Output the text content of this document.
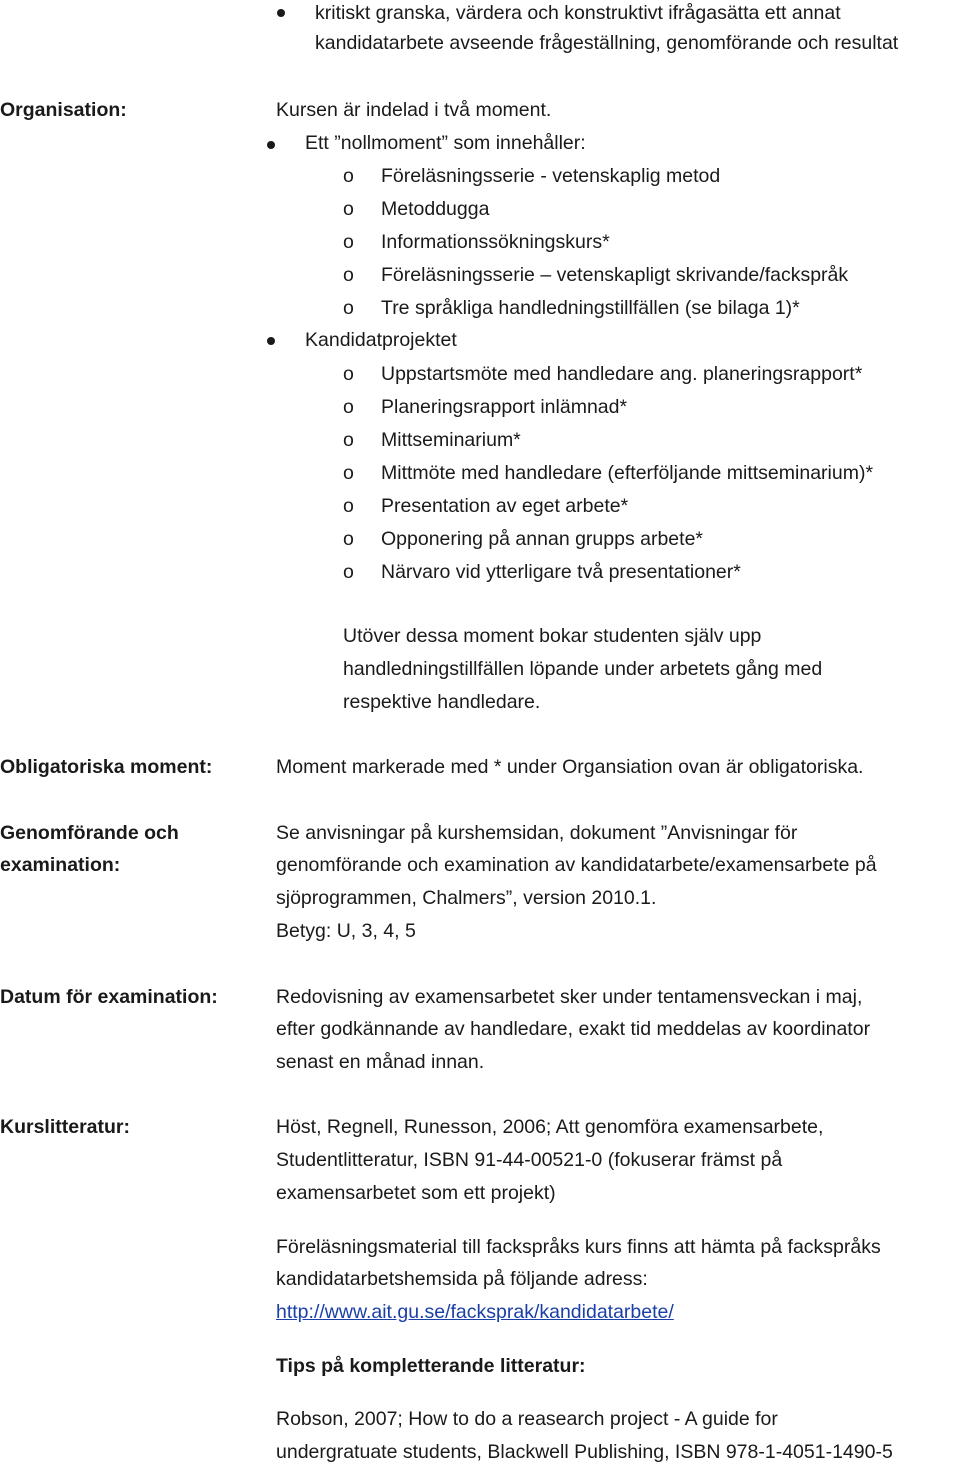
kritiskt granska, värdera och konstruktivt ifrågasätta ett annat
kandidatarbete avseende frågeställning, genomförande och resultat
Organisation:	Kursen är indelad i två moment.
Ett ”nollmoment” som innehåller:
o Föreläsningsserie - vetenskaplig metod
o Metoddugga
o Informationssökningskurs*
o Föreläsningsserie – vetenskapligt skrivande/fackspråk
o Tre språkliga handledningstillfällen (se bilaga 1)*
Kandidatprojektet
o Uppstartsmöte med handledare ang. planeringsrapport*
o Planeringsrapport inlämnad*
o Mittseminarium*
o Mittmöte med handledare (efterföljande mittseminarium)*
o Presentation av eget arbete*
o Opponering på annan grupps arbete*
o Närvaro vid ytterligare två presentationer*
Utöver dessa moment bokar studenten själv upp
handledningstillfällen löpande under arbetets gång med
respektive handledare.
Obligatoriska moment:	Moment markerade med * under Organsiation ovan är obligatoriska.
Genomförande och
examination:
Se anvisningar på kurshemsidan, dokument ”Anvisningar för
genomförande och examination av kandidatarbete/examensarbete på
sjöprogrammen, Chalmers”, version 2010.1.
Betyg: U, 3, 4, 5
Datum för examination:	Redovisning av examensarbetet sker under tentamensveckan i maj,
efter godkännande av handledare, exakt tid meddelas av koordinator
senast en månad innan.
Kurslitteratur:	Höst, Regnell, Runesson, 2006; Att genomföra examensarbete,
Studentlitteratur, ISBN 91-44-00521-0 (fokuserar främst på
examensarbetet som ett projekt)
Föreläsningsmaterial till fackspråks kurs finns att hämta på fackspråks
kandidatarbetshemsida på följande adress:
http://www.ait.gu.se/facksprak/kandidatarbete/
Tips på kompletterande litteratur:
Robson, 2007; How to do a reasearch project - A guide for
undergratuate students, Blackwell Publishing, ISBN 978-1-4051-1490-5
